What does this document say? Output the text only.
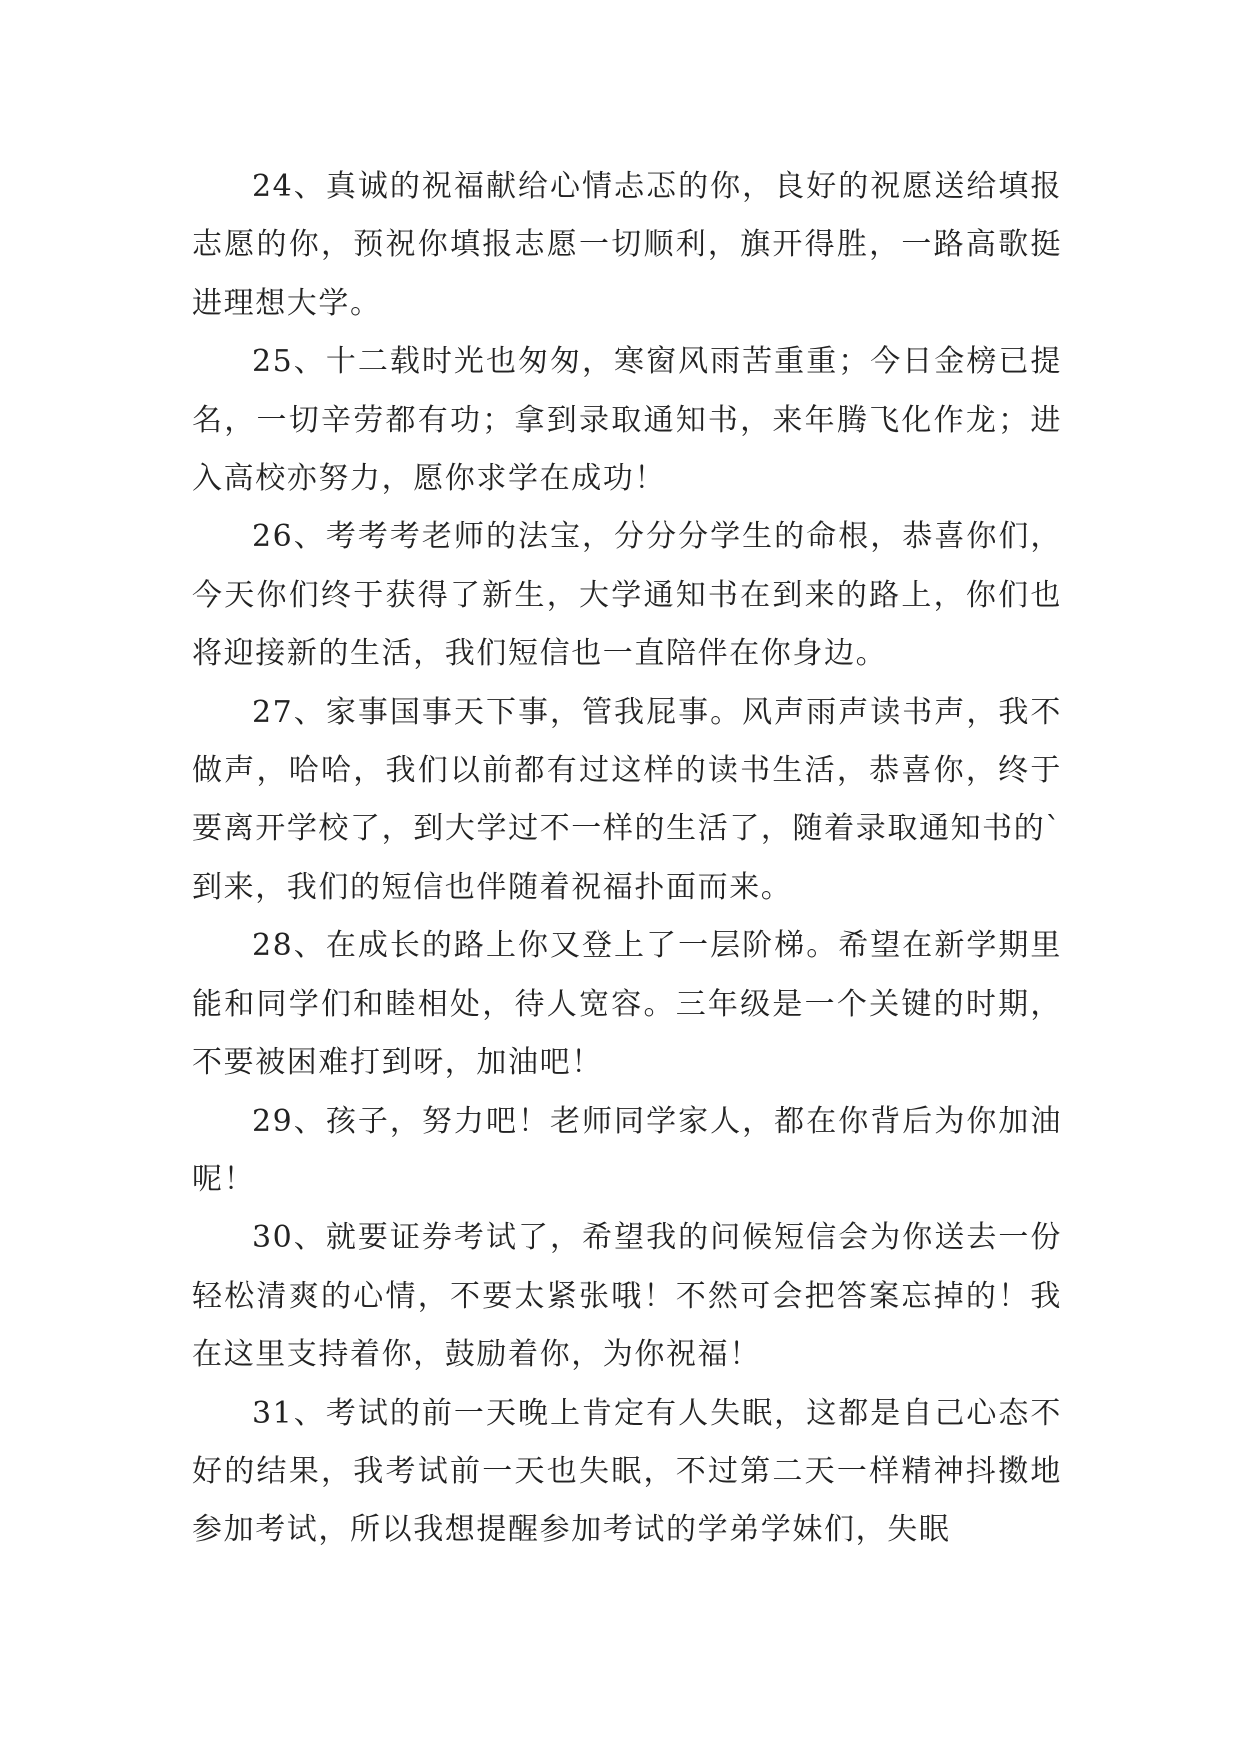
24、真诚的祝福献给心情忐忑的你，良好的祝愿送给填报志愿的你，预祝你填报志愿一切顺利，旗开得胜，一路高歌挺进理想大学。

25、十二载时光也匆匆，寒窗风雨苦重重；今日金榜已提名，一切辛劳都有功；拿到录取通知书，来年腾飞化作龙；进入高校亦努力，愿你求学在成功！

26、考考考老师的法宝，分分分学生的命根，恭喜你们，今天你们终于获得了新生，大学通知书在到来的路上，你们也将迎接新的生活，我们短信也一直陪伴在你身边。

27、家事国事天下事，管我屁事。风声雨声读书声，我不做声，哈哈，我们以前都有过这样的读书生活，恭喜你，终于要离开学校了，到大学过不一样的生活了，随着录取通知书的`到来，我们的短信也伴随着祝福扑面而来。

28、在成长的路上你又登上了一层阶梯。希望在新学期里能和同学们和睦相处，待人宽容。三年级是一个关键的时期，不要被困难打到呀，加油吧！

29、孩子，努力吧！老师同学家人，都在你背后为你加油呢！

30、就要证券考试了，希望我的问候短信会为你送去一份轻松清爽的心情，不要太紧张哦！不然可会把答案忘掉的！我在这里支持着你，鼓励着你，为你祝福！

31、考试的前一天晚上肯定有人失眠，这都是自己心态不好的结果，我考试前一天也失眠，不过第二天一样精神抖擞地参加考试，所以我想提醒参加考试的学弟学妹们，失眠
